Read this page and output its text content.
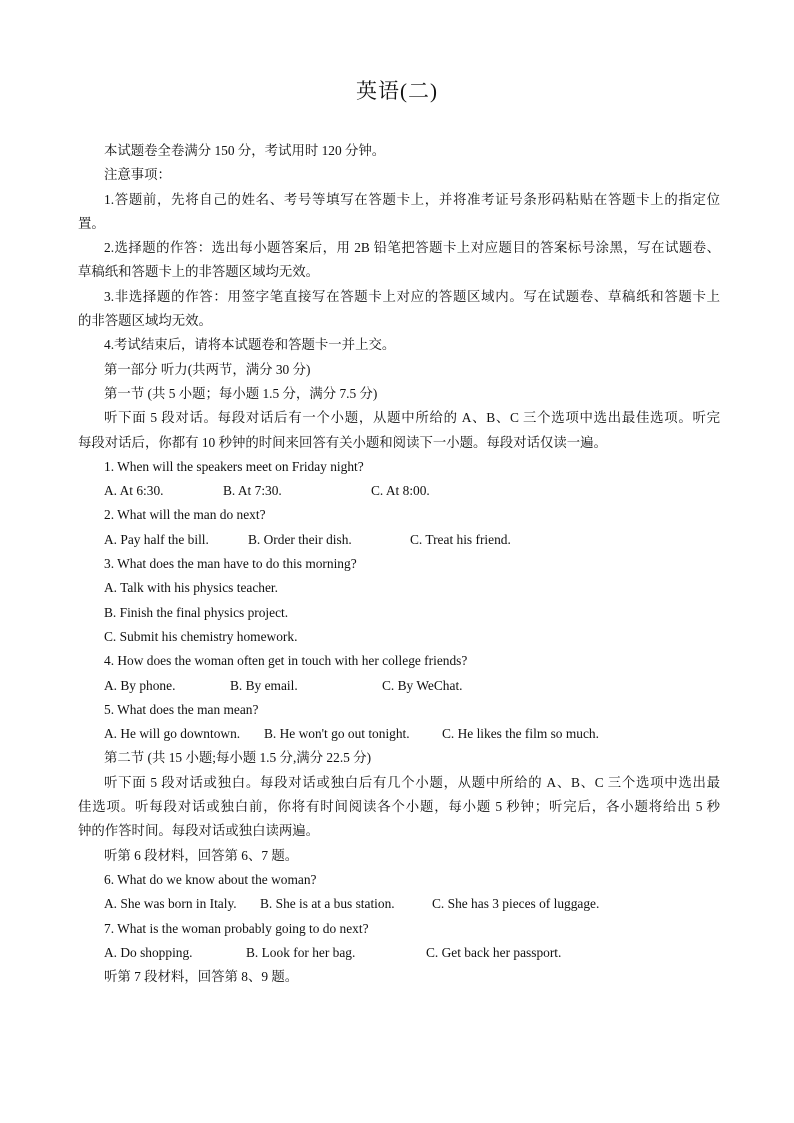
英语(二)
本试题卷全卷满分 150 分，考试用时 120 分钟。
注意事项：
1.答题前，先将自己的姓名、考号等填写在答题卡上，并将准考证号条形码粘贴在答题卡上的指定位
置。
2.选择题的作答：选出每小题答案后，用 2B 铅笔把答题卡上对应题目的答案标号涂黑，写在试题卷、
草稿纸和答题卡上的非答题区域均无效。
3.非选择题的作答：用签字笔直接写在答题卡上对应的答题区域内。写在试题卷、草稿纸和答题卡上
的非答题区域均无效。
4.考试结束后，请将本试题卷和答题卡一并上交。
第一部分 听力(共两节，满分 30 分)
第一节 (共 5 小题；每小题 1.5 分，满分 7.5 分)
听下面 5 段对话。每段对话后有一个小题，从题中所给的 A、B、C 三个选项中选出最佳选项。听完
每段对话后，你都有 10 秒钟的时间来回答有关小题和阅读下一小题。每段对话仅读一遍。
1. When will the speakers meet on Friday night?
A. At 6:30.	B. At 7:30.	C. At 8:00.
2. What will the man do next?
A. Pay half the bill.	B. Order their dish.	C. Treat his friend.
3. What does the man have to do this morning?
A. Talk with his physics teacher.
B. Finish the final physics project.
C. Submit his chemistry homework.
4. How does the woman often get in touch with her college friends?
A. By phone.	B. By email.	C. By WeChat.
5. What does the man mean?
A. He will go downtown. B. He won't go out tonight. C. He likes the film so much.
第二节 (共 15 小题;每小题 1.5 分,满分 22.5 分)
听下面 5 段对话或独白。每段对话或独白后有几个小题，从题中所给的 A、B、C 三个选项中选出最
佳选项。听每段对话或独白前，你将有时间阅读各个小题，每小题 5 秒钟；听完后，各小题将给出 5 秒
钟的作答时间。每段对话或独白读两遍。
听第 6 段材料，回答第 6、7 题。
6. What do we know about the woman?
A. She was born in Italy. B. She is at a bus station.	C. She has 3 pieces of luggage.
7. What is the woman probably going to do next?
A. Do shopping.	B. Look for her bag.	C. Get back her passport.
听第 7 段材料，回答第 8、9 题。
